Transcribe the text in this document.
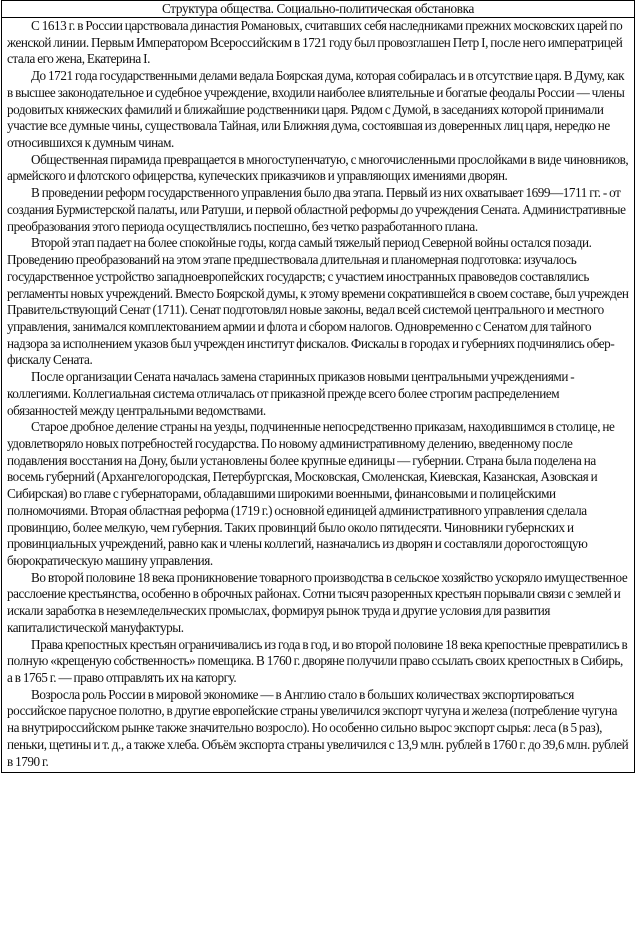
Структура общества. Социально-политическая обстановка

С 1613 г. в России царствовала династия Романовых, считавших себя наследниками прежних московских царей по женской линии. Первым Императором Всероссийским в 1721 году был провозглашен Петр I, после него императрицей стала его жена, Екатерина I.

До 1721 года государственными делами ведала Боярская дума, которая собиралась и в отсутствие царя. В Думу, как в высшее законодательное и судебное учреждение, входили наиболее влиятельные и богатые феодалы России — члены родовитых княжеских фамилий и ближайшие родственники царя. Рядом с Думой, в заседаниях которой принимали участие все думные чины, существовала Тайная, или Ближняя дума, состоявшая из доверенных лиц царя, нередко не относившихся к думным чинам.

Общественная пирамида превращается в многоступенчатую, с многочисленными прослойками в виде чиновников, армейского и флотского офицерства, купеческих приказчиков и управляющих имениями дворян.

В проведении реформ государственного управления было два этапа. Первый из них охватывает 1699—1711 гг. - от создания Бурмистерской палаты, или Ратуши, и первой областной реформы до учреждения Сената. Административные преобразования этого периода осуществлялись поспешно, без четко разработанного плана.

Второй этап падает на более спокойные годы, когда самый тяжелый период Северной войны остался позади. Проведению преобразований на этом этапе предшествовала длительная и планомерная подготовка: изучалось государственное устройство западноевропейских государств; с участием иностранных правоведов составлялись регламенты новых учреждений. Вместо Боярской думы, к этому времени сократившейся в своем составе, был учрежден Правительствующий Сенат (1711). Сенат подготовлял новые законы, ведал всей системой центрального и местного управления, занимался комплектованием армии и флота и сбором налогов. Одновременно с Сенатом для тайного надзора за исполнением указов был учрежден институт фискалов. Фискалы в городах и губерниях подчинялись обер-фискалу Сената.

После организации Сената началась замена старинных приказов новыми центральными учреждениями - коллегиями. Коллегиальная система отличалась от приказной прежде всего более строгим распределением обязанностей между центральными ведомствами.

Старое дробное деление страны на уезды, подчиненные непосредственно приказам, находившимся в столице, не удовлетворяло новых потребностей государства. По новому административному делению, введенному после подавления восстания на Дону, были установлены более крупные единицы — губернии. Страна была поделена на восемь губерний (Архангелогородская, Петербургская, Московская, Смоленская, Киевская, Казанская, Азовская и Сибирская) во главе с губернаторами, обладавшими широкими военными, финансовыми и полицейскими полномочиями. Вторая областная реформа (1719 г.) основной единицей административного управления сделала провинцию, более мелкую, чем губерния. Таких провинций было около пятидесяти. Чиновники губернских и провинциальных учреждений, равно как и члены коллегий, назначались из дворян и составляли дорогостоящую бюрократическую машину управления.

Во второй половине 18 века проникновение товарного производства в сельское хозяйство ускоряло имущественное расслоение крестьянства, особенно в оброчных районах. Сотни тысяч разоренных крестьян порывали связи с землей и искали заработка в неземледельческих промыслах, формируя рынок труда и другие условия для развития капиталистической мануфактуры.

Права крепостных крестьян ограничивались из года в год, и во второй половине 18 века крепостные превратились в полную «крещеную собственность» помещика. В 1760 г. дворяне получили право ссылать своих крепостных в Сибирь, а в 1765 г. — право отправлять их на каторгу.

Возросла роль России в мировой экономике — в Англию стало в больших количествах экспортироваться российское парусное полотно, в другие европейские страны увеличился экспорт чугуна и железа (потребление чугуна на внутрироссийском рынке также значительно возросло). Но особенно сильно вырос экспорт сырья: леса (в 5 раз), пеньки, щетины и т. д., а также хлеба. Объём экспорта страны увеличился с 13,9 млн. рублей в 1760 г. до 39,6 млн. рублей в 1790 г.
